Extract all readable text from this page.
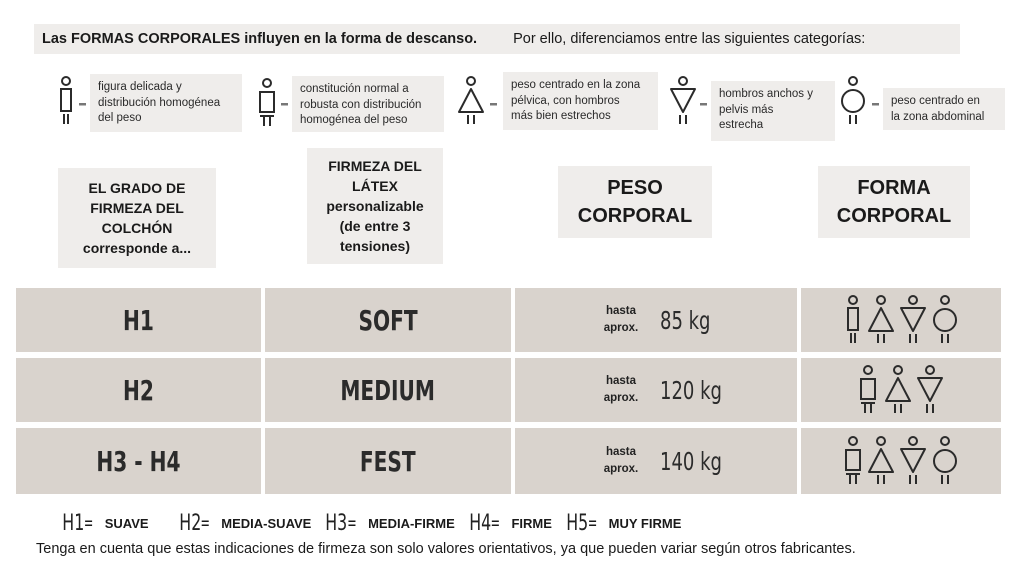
Las FORMAS CORPORALES influyen en la forma de descanso.	Por ello, diferenciamos entre las siguientes categorías:
figura delicada y
distribución homogénea
del peso
constitución normal a
robusta con distribución
homogénea del peso
peso centrado en la zona
pélvica, con hombros
más bien estrechos
hombros anchos y
pelvis más
estrecha
peso centrado en
la zona abdominal
EL GRADO DE
FIRMEZA DEL
COLCHÓN
corresponde a...
FIRMEZA DEL
LÁTEX
personalizable
(de entre 3
tensiones)
PESO
CORPORAL
FORMA
CORPORAL
H1	SOFT	hasta
aprox. 85 kg
H2	MEDIUM	hasta
aprox. 120 kg
H3 - H4	FEST	hasta
aprox. 140 kg
H1 = SUAVE H2 = MEDIA-SUAVE H3 = MEDIA-FIRME H4 = FIRME H5 = MUY FIRME
Tenga en cuenta que estas indicaciones de firmeza son solo valores orientativos, ya que pueden variar según otros fabricantes.
